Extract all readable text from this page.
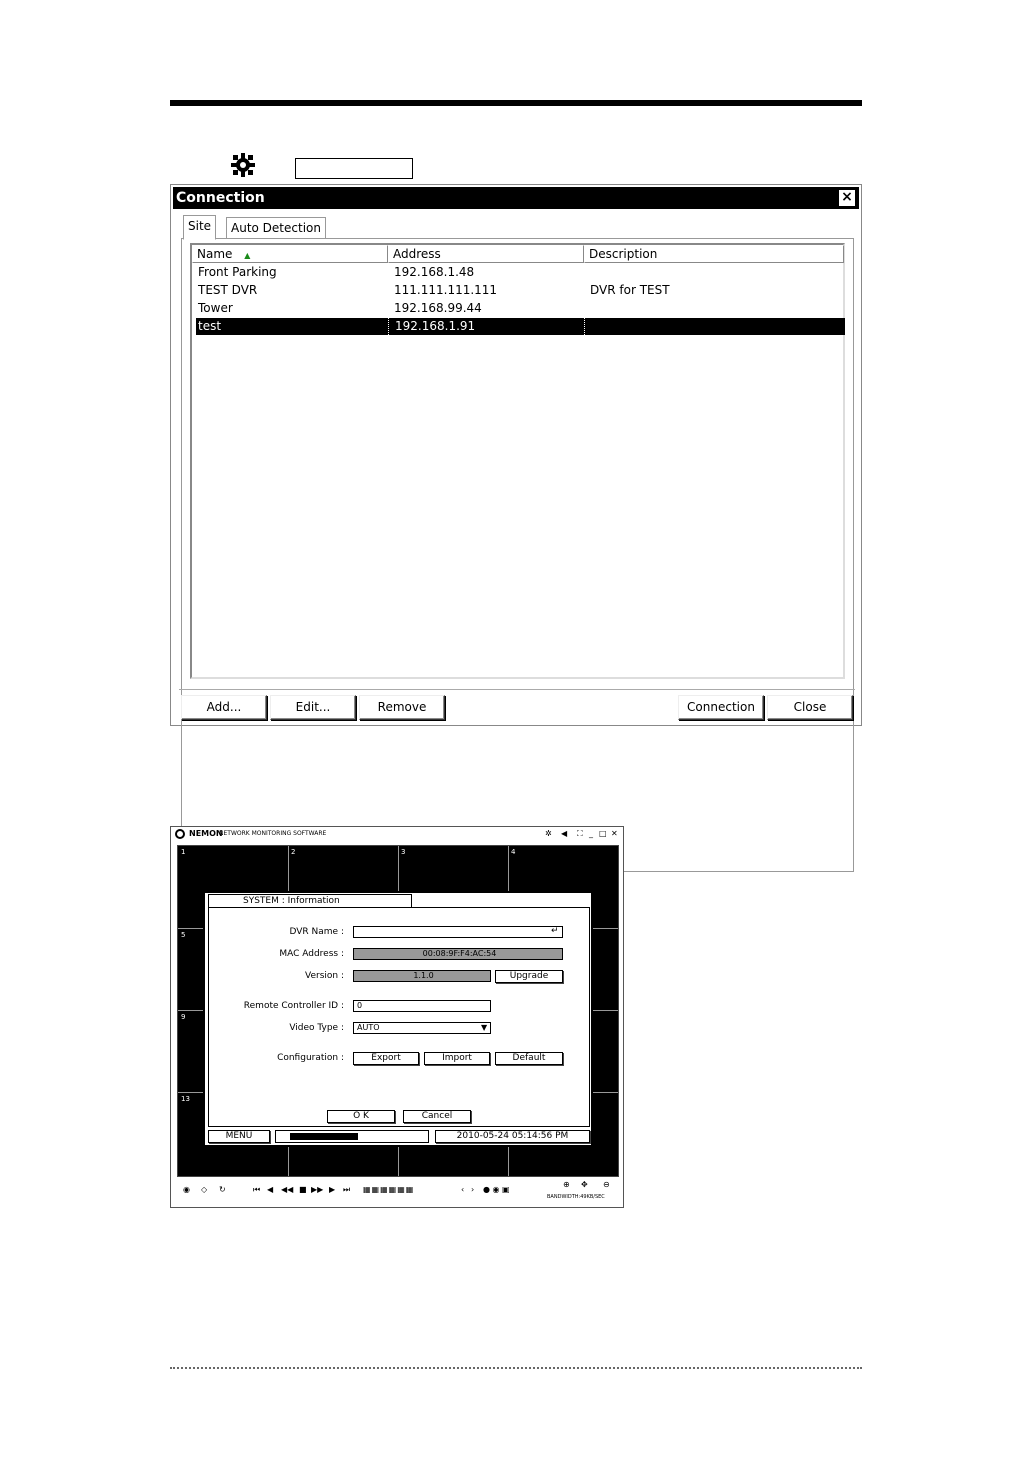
Connection	×
Site	Auto Detection
Name ▲	Address	Description
Front Parking	192.168.1.48
TEST DVR	111.111.111.111	DVR for TEST
Tower	192.168.99.44
test	192.168.1.91
Add...	Edit...	Remove	Connection	Close
NEMON
NETWORK MONITORING SOFTWARE	✲ ◀ ⛶ _ □ ✕
1	2	3	4
5
9
13
SYSTEM : Information
DVR Name :	↵
MAC Address :	00:08:9F:F4:AC:54
Version :	1.1.0	Upgrade
Remote Controller ID :	0
Video Type :	AUTO	▼
Configuration :	Export	Import	Default
O K	Cancel
MENU	2010-05-24 05:14:56 PM
◉ ◇ ↻	⏮ ◀ ◀◀ ■ ▶▶ ▶ ⏭ ▦▦▦▦▦▦	‹ › ● ◉ ▣
⊕ ✥ ⊖
BANDWIDTH:49KB/SEC
